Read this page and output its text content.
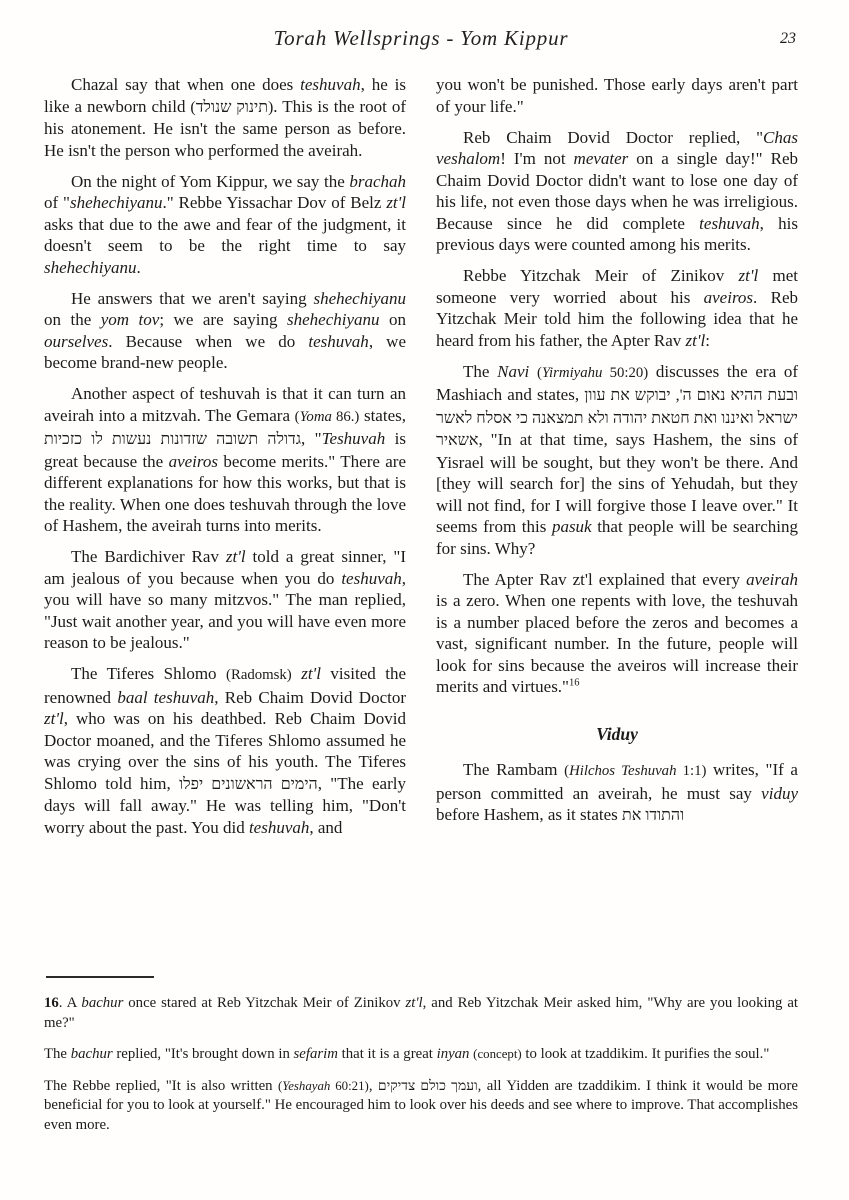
Torah Wellsprings - Yom Kippur	23

Chazal say that when one does teshuvah, he is like a newborn child (תינוק שנולד). This is the root of his atonement. He isn't the same person as before. He isn't the person who performed the aveirah.

On the night of Yom Kippur, we say the brachah of "shehechiyanu." Rebbe Yissachar Dov of Belz zt'l asks that due to the awe and fear of the judgment, it doesn't seem to be the right time to say shehechiyanu.

He answers that we aren't saying shehechiyanu on the yom tov; we are saying shehechiyanu on ourselves. Because when we do teshuvah, we become brand-new people.

Another aspect of teshuvah is that it can turn an aveirah into a mitzvah. The Gemara (Yoma 86.) states, גדולה תשובה שזדונות נעשות לו כזכיות, "Teshuvah is great because the aveiros become merits." There are different explanations for how this works, but that is the reality. When one does teshuvah through the love of Hashem, the aveirah turns into merits.

The Bardichiver Rav zt'l told a great sinner, "I am jealous of you because when you do teshuvah, you will have so many mitzvos." The man replied, "Just wait another year, and you will have even more reason to be jealous."

The Tiferes Shlomo (Radomsk) zt'l visited the renowned baal teshuvah, Reb Chaim Dovid Doctor zt'l, who was on his deathbed. Reb Chaim Dovid Doctor moaned, and the Tiferes Shlomo assumed he was crying over the sins of his youth. The Tiferes Shlomo told him, הימים הראשונים יפלו, "The early days will fall away." He was telling him, "Don't worry about the past. You did teshuvah, and

you won't be punished. Those early days aren't part of your life."

Reb Chaim Dovid Doctor replied, "Chas veshalom! I'm not mevater on a single day!" Reb Chaim Dovid Doctor didn't want to lose one day of his life, not even those days when he was irreligious. Because since he did complete teshuvah, his previous days were counted among his merits.

Rebbe Yitzchak Meir of Zinikov zt'l met someone very worried about his aveiros. Reb Yitzchak Meir told him the following idea that he heard from his father, the Apter Rav zt'l:

The Navi (Yirmiyahu 50:20) discusses the era of Mashiach and states, ובעת ההיא נאום ה', יבוקש את עוון ישראל ואיננו ואת חטאת יהודה ולא תמצאנה כי אסלח לאשר אשאיר, "In at that time, says Hashem, the sins of Yisrael will be sought, but they won't be there. And [they will search for] the sins of Yehudah, but they will not find, for I will forgive those I leave over." It seems from this pasuk that people will be searching for sins. Why?

The Apter Rav zt'l explained that every aveirah is a zero. When one repents with love, the teshuvah is a number placed before the zeros and becomes a vast, significant number. In the future, people will look for sins because the aveiros will increase their merits and virtues."$^{16}$

Viduy

The Rambam (Hilchos Teshuvah 1:1) writes, "If a person committed an aveirah, he must say viduy before Hashem, as it states והתודו את

16. A bachur once stared at Reb Yitzchak Meir of Zinikov zt'l, and Reb Yitzchak Meir asked him, "Why are you looking at me?"

The bachur replied, "It's brought down in sefarim that it is a great inyan (concept) to look at tzaddikim. It purifies the soul."

The Rebbe replied, "It is also written (Yeshayah 60:21), ועמך כולם צדיקים, all Yidden are tzaddikim. I think it would be more beneficial for you to look at yourself." He encouraged him to look over his deeds and see where to improve. That accomplishes even more.
